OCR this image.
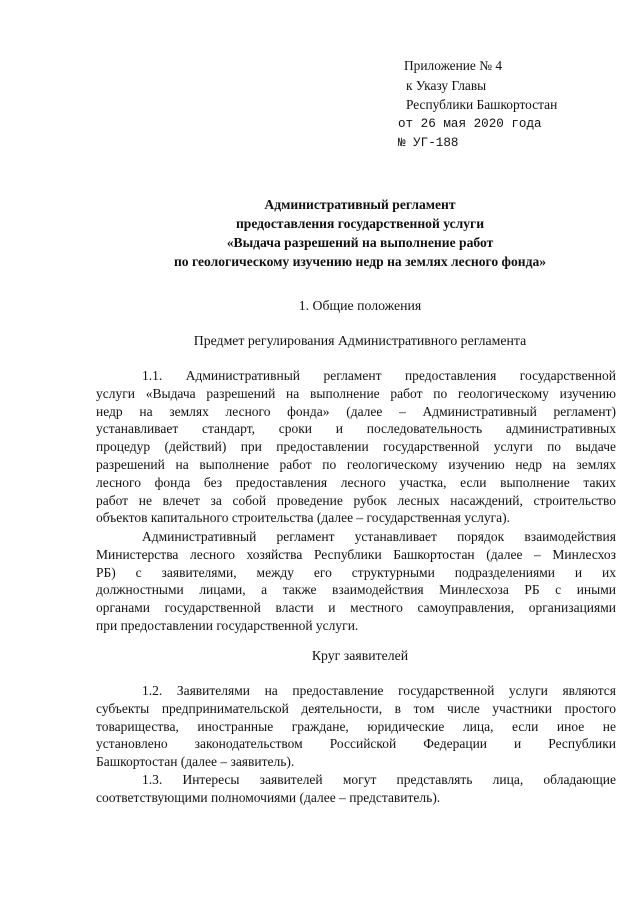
Приложение № 4
к Указу Главы
Республики Башкортостан
от 26 мая 2020 года
№ УГ-188
Административный регламент
предоставления государственной услуги
«Выдача разрешений на выполнение работ
по геологическому изучению недр на землях лесного фонда»
1. Общие положения
Предмет регулирования Административного регламента
1.1. Административный регламент предоставления государственной
услуги «Выдача разрешений на выполнение работ по геологическому изучению
недр на землях лесного фонда» (далее – Административный регламент)
устанавливает стандарт, сроки и последовательность административных
процедур (действий) при предоставлении государственной услуги по выдаче
разрешений на выполнение работ по геологическому изучению недр на землях
лесного фонда без предоставления лесного участка, если выполнение таких
работ не влечет за собой проведение рубок лесных насаждений, строительство
объектов капитального строительства (далее – государственная услуга).
Административный регламент устанавливает порядок взаимодействия
Министерства лесного хозяйства Республики Башкортостан (далее – Минлесхоз
РБ) с заявителями, между его структурными подразделениями и их
должностными лицами, а также взаимодействия Минлесхоза РБ с иными
органами государственной власти и местного самоуправления, организациями
при предоставлении государственной услуги.
Круг заявителей
1.2. Заявителями на предоставление государственной услуги являются
субъекты предпринимательской деятельности, в том числе участники простого
товарищества, иностранные граждане, юридические лица, если иное не
установлено законодательством Российской Федерации и Республики
Башкортостан (далее – заявитель).
1.3. Интересы заявителей могут представлять лица, обладающие
соответствующими полномочиями (далее – представитель).
